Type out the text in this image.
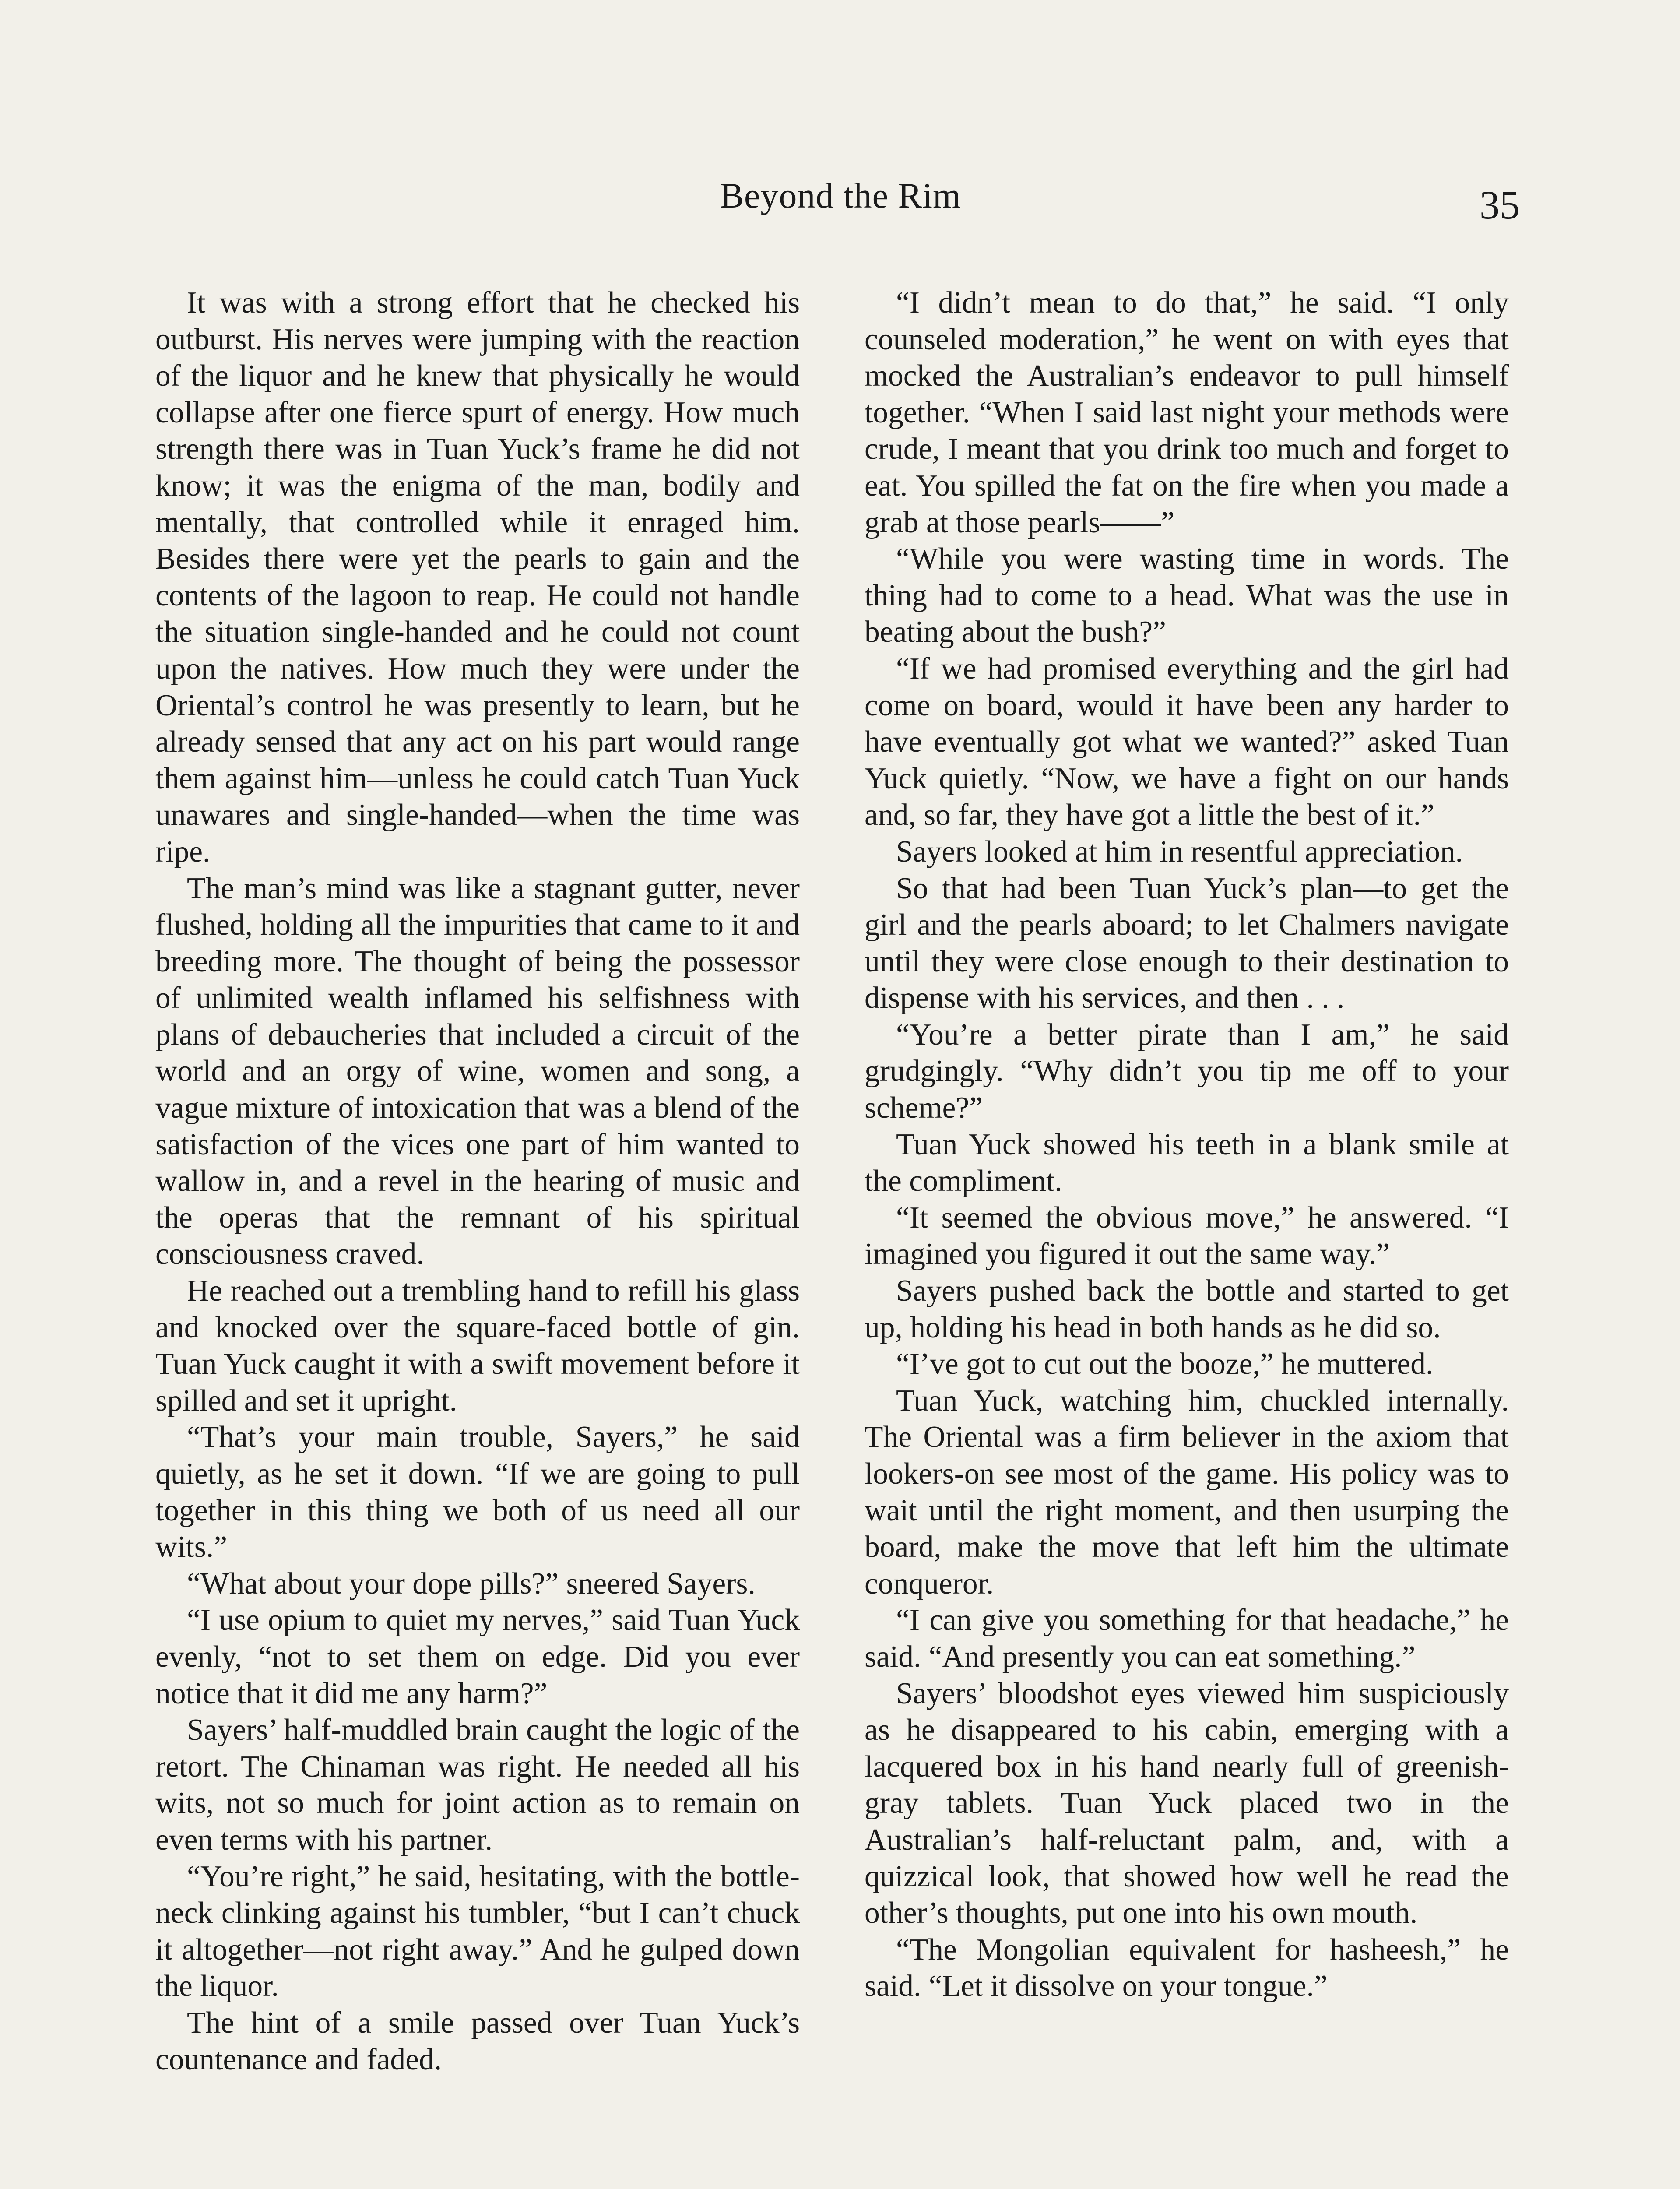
Beyond the Rim	35

It was with a strong effort that he checked his outburst. His nerves were jumping with the reaction of the liquor and he knew that physically he would collapse after one fierce spurt of energy. How much strength there was in Tuan Yuck’s frame he did not know; it was the enigma of the man, bodily and mentally, that controlled while it enraged him. Besides there were yet the pearls to gain and the contents of the lagoon to reap. He could not handle the situation single-handed and he could not count upon the natives. How much they were under the Oriental’s control he was presently to learn, but he already sensed that any act on his part would range them against him—unless he could catch Tuan Yuck unawares and single-handed—when the time was ripe.

The man’s mind was like a stagnant gutter, never flushed, holding all the impurities that came to it and breeding more. The thought of being the possessor of unlimited wealth inflamed his selfishness with plans of debaucheries that included a circuit of the world and an orgy of wine, women and song, a vague mixture of intoxication that was a blend of the satisfaction of the vices one part of him wanted to wallow in, and a revel in the hearing of music and the operas that the remnant of his spiritual consciousness craved.

He reached out a trembling hand to refill his glass and knocked over the square-faced bottle of gin. Tuan Yuck caught it with a swift movement before it spilled and set it upright.

“That’s your main trouble, Sayers,” he said quietly, as he set it down. “If we are going to pull together in this thing we both of us need all our wits.”

“What about your dope pills?” sneered Sayers.

“I use opium to quiet my nerves,” said Tuan Yuck evenly, “not to set them on edge. Did you ever notice that it did me any harm?”

Sayers’ half-muddled brain caught the logic of the retort. The Chinaman was right. He needed all his wits, not so much for joint action as to remain on even terms with his partner.

“You’re right,” he said, hesitating, with the bottle-neck clinking against his tumbler, “but I can’t chuck it altogether—not right away.” And he gulped down the liquor.

The hint of a smile passed over Tuan Yuck’s countenance and faded.

“I didn’t mean to do that,” he said. “I only counseled moderation,” he went on with eyes that mocked the Australian’s endeavor to pull himself together. “When I said last night your methods were crude, I meant that you drink too much and forget to eat. You spilled the fat on the fire when you made a grab at those pearls——”

“While you were wasting time in words. The thing had to come to a head. What was the use in beating about the bush?”

“If we had promised everything and the girl had come on board, would it have been any harder to have eventually got what we wanted?” asked Tuan Yuck quietly. “Now, we have a fight on our hands and, so far, they have got a little the best of it.”

Sayers looked at him in resentful appreciation.

So that had been Tuan Yuck’s plan—to get the girl and the pearls aboard; to let Chalmers navigate until they were close enough to their destination to dispense with his services, and then . . .

“You’re a better pirate than I am,” he said grudgingly. “Why didn’t you tip me off to your scheme?”

Tuan Yuck showed his teeth in a blank smile at the compliment.

“It seemed the obvious move,” he answered. “I imagined you figured it out the same way.”

Sayers pushed back the bottle and started to get up, holding his head in both hands as he did so.

“I’ve got to cut out the booze,” he muttered.

Tuan Yuck, watching him, chuckled internally. The Oriental was a firm believer in the axiom that lookers-on see most of the game. His policy was to wait until the right moment, and then usurping the board, make the move that left him the ultimate conqueror.

“I can give you something for that headache,” he said. “And presently you can eat something.”

Sayers’ bloodshot eyes viewed him suspiciously as he disappeared to his cabin, emerging with a lacquered box in his hand nearly full of greenish-gray tablets. Tuan Yuck placed two in the Australian’s half-reluctant palm, and, with a quizzical look, that showed how well he read the other’s thoughts, put one into his own mouth.

“The Mongolian equivalent for hasheesh,” he said. “Let it dissolve on your tongue.”
